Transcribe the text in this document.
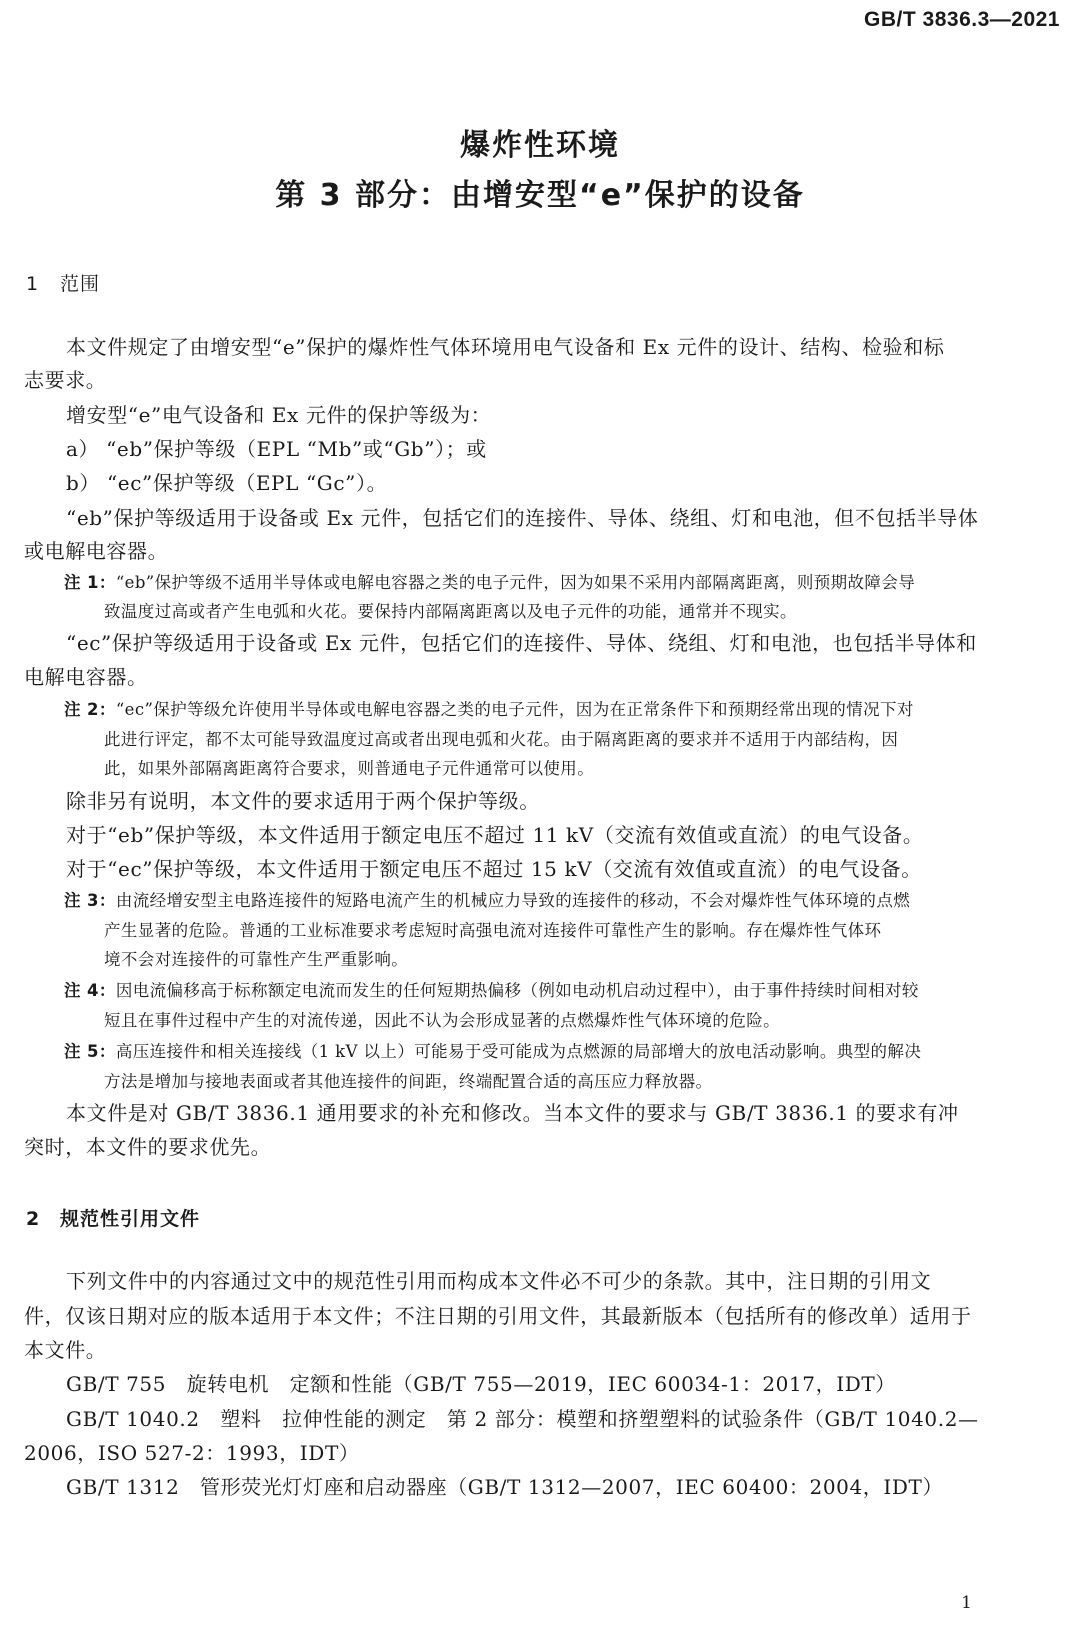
GB/T 3836.3—2021
爆炸性环境
第 3 部分：由增安型“e”保护的设备
1 范围
本文件规定了由增安型“e”保护的爆炸性气体环境用电气设备和 Ex 元件的设计、结构、检验和标
志要求。
增安型“e”电气设备和 Ex 元件的保护等级为：
a） “eb”保护等级（EPL “Mb”或“Gb”）；或
b） “ec”保护等级（EPL “Gc”）。
“eb”保护等级适用于设备或 Ex 元件，包括它们的连接件、导体、绕组、灯和电池，但不包括半导体
或电解电容器。
注 1：“eb”保护等级不适用半导体或电解电容器之类的电子元件，因为如果不采用内部隔离距离，则预期故障会导
致温度过高或者产生电弧和火花。要保持内部隔离距离以及电子元件的功能，通常并不现实。
“ec”保护等级适用于设备或 Ex 元件，包括它们的连接件、导体、绕组、灯和电池，也包括半导体和
电解电容器。
注 2：“ec”保护等级允许使用半导体或电解电容器之类的电子元件，因为在正常条件下和预期经常出现的情况下对
此进行评定，都不太可能导致温度过高或者出现电弧和火花。由于隔离距离的要求并不适用于内部结构，因
此，如果外部隔离距离符合要求，则普通电子元件通常可以使用。
除非另有说明，本文件的要求适用于两个保护等级。
对于“eb”保护等级，本文件适用于额定电压不超过 11 kV（交流有效值或直流）的电气设备。
对于“ec”保护等级，本文件适用于额定电压不超过 15 kV（交流有效值或直流）的电气设备。
注 3：由流经增安型主电路连接件的短路电流产生的机械应力导致的连接件的移动，不会对爆炸性气体环境的点燃
产生显著的危险。普通的工业标准要求考虑短时高强电流对连接件可靠性产生的影响。存在爆炸性气体环
境不会对连接件的可靠性产生严重影响。
注 4：因电流偏移高于标称额定电流而发生的任何短期热偏移（例如电动机启动过程中），由于事件持续时间相对较
短且在事件过程中产生的对流传递，因此不认为会形成显著的点燃爆炸性气体环境的危险。
注 5：高压连接件和相关连接线（1 kV 以上）可能易于受可能成为点燃源的局部增大的放电活动影响。典型的解决
方法是增加与接地表面或者其他连接件的间距，终端配置合适的高压应力释放器。
本文件是对 GB/T 3836.1 通用要求的补充和修改。当本文件的要求与 GB/T 3836.1 的要求有冲
突时，本文件的要求优先。
2 规范性引用文件
下列文件中的内容通过文中的规范性引用而构成本文件必不可少的条款。其中，注日期的引用文
件，仅该日期对应的版本适用于本文件；不注日期的引用文件，其最新版本（包括所有的修改单）适用于
本文件。
GB/T 755　旋转电机　定额和性能（GB/T 755—2019，IEC 60034-1：2017，IDT）
GB/T 1040.2　塑料　拉伸性能的测定　第 2 部分：模塑和挤塑塑料的试验条件（GB/T 1040.2—
2006，ISO 527-2：1993，IDT）
GB/T 1312　管形荧光灯灯座和启动器座（GB/T 1312—2007，IEC 60400：2004，IDT）
1
